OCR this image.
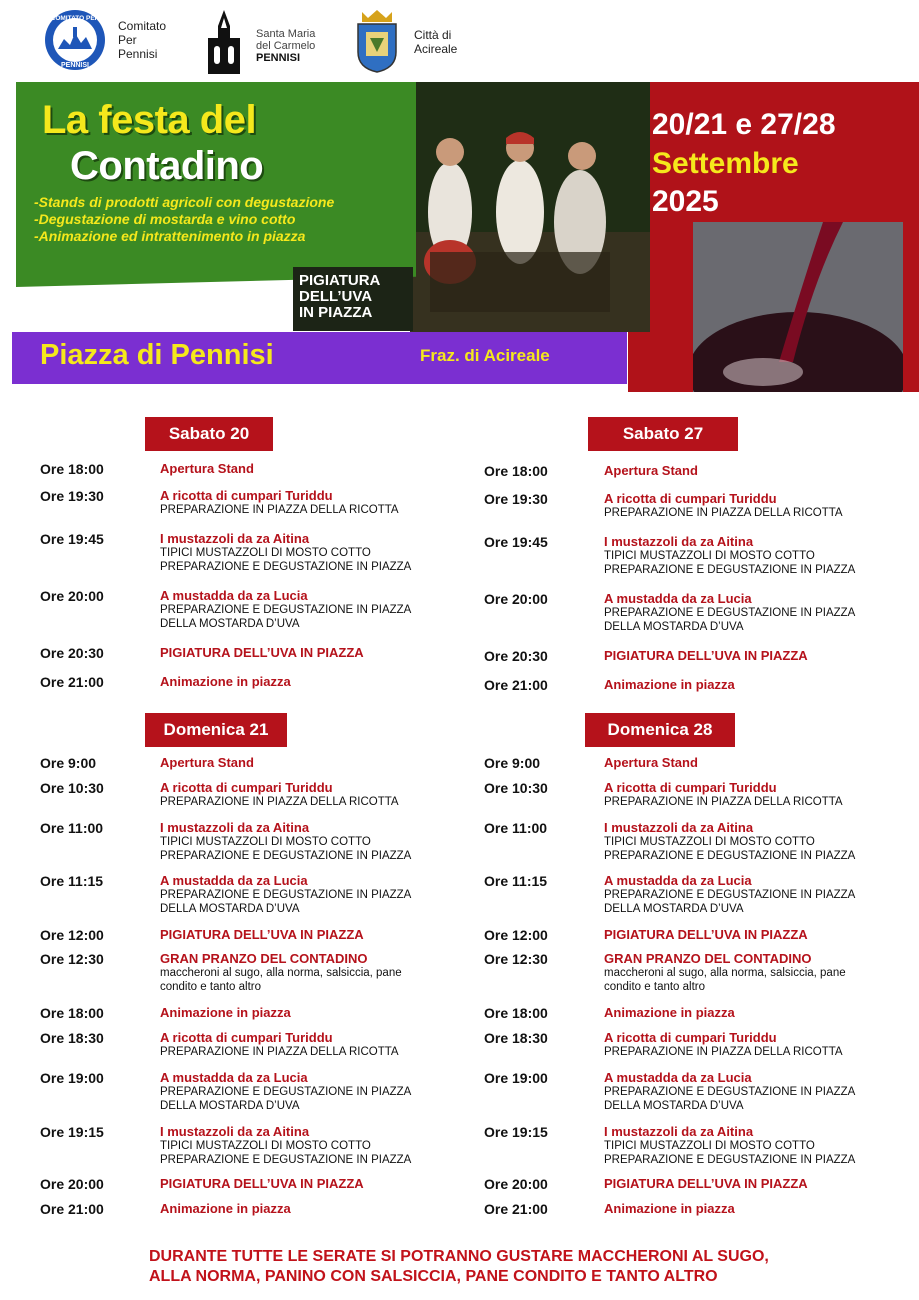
COMITATO PER
PENNISI
Comitato
Per
Pennisi
Santa Maria
del Carmelo
PENNISI
Città di
Acireale
20/21 e 27/28
Settembre
2025
La festa del
Contadino
-Stands di prodotti agricoli con degustazione
-Degustazione di mostarda e vino cotto
-Animazione ed intrattenimento in piazza
PIGIATURA
DELL’UVA
IN PIAZZA
Piazza di Pennisi	Fraz. di Acireale
Sabato 20	Sabato 27
Domenica 21	Domenica 28
Ore 18:00	Apertura Stand
Ore 19:30	A ricotta di cumpari Turiddu
PREPARAZIONE IN PIAZZA DELLA RICOTTA
Ore 19:45	I mustazzoli da za Aitina
TIPICI MUSTAZZOLI DI MOSTO COTTO
PREPARAZIONE E DEGUSTAZIONE IN PIAZZA
Ore 20:00	A mustadda da za Lucia
PREPARAZIONE E DEGUSTAZIONE IN PIAZZA
DELLA MOSTARDA D’UVA
Ore 20:30	PIGIATURA DELL’UVA IN PIAZZA
Ore 21:00	Animazione in piazza
Ore 18:00	Apertura Stand
Ore 19:30	A ricotta di cumpari Turiddu
PREPARAZIONE IN PIAZZA DELLA RICOTTA
Ore 19:45	I mustazzoli da za Aitina
TIPICI MUSTAZZOLI DI MOSTO COTTO
PREPARAZIONE E DEGUSTAZIONE IN PIAZZA
Ore 20:00	A mustadda da za Lucia
PREPARAZIONE E DEGUSTAZIONE IN PIAZZA
DELLA MOSTARDA D’UVA
Ore 20:30	PIGIATURA DELL’UVA IN PIAZZA
Ore 21:00	Animazione in piazza
Ore 9:00	Apertura Stand
Ore 10:30	A ricotta di cumpari Turiddu
PREPARAZIONE IN PIAZZA DELLA RICOTTA
Ore 11:00	I mustazzoli da za Aitina
TIPICI MUSTAZZOLI DI MOSTO COTTO
PREPARAZIONE E DEGUSTAZIONE IN PIAZZA
Ore 11:15	A mustadda da za Lucia
PREPARAZIONE E DEGUSTAZIONE IN PIAZZA
DELLA MOSTARDA D’UVA
Ore 12:00	PIGIATURA DELL’UVA IN PIAZZA
Ore 12:30	GRAN PRANZO DEL CONTADINO
maccheroni al sugo, alla norma, salsiccia, pane
condito e tanto altro
Ore 18:00	Animazione in piazza
Ore 18:30	A ricotta di cumpari Turiddu
PREPARAZIONE IN PIAZZA DELLA RICOTTA
Ore 19:00	A mustadda da za Lucia
PREPARAZIONE E DEGUSTAZIONE IN PIAZZA
DELLA MOSTARDA D’UVA
Ore 19:15	I mustazzoli da za Aitina
TIPICI MUSTAZZOLI DI MOSTO COTTO
PREPARAZIONE E DEGUSTAZIONE IN PIAZZA
Ore 20:00	PIGIATURA DELL’UVA IN PIAZZA
Ore 21:00	Animazione in piazza
Ore 9:00	Apertura Stand
Ore 10:30	A ricotta di cumpari Turiddu
PREPARAZIONE IN PIAZZA DELLA RICOTTA
Ore 11:00	I mustazzoli da za Aitina
TIPICI MUSTAZZOLI DI MOSTO COTTO
PREPARAZIONE E DEGUSTAZIONE IN PIAZZA
Ore 11:15	A mustadda da za Lucia
PREPARAZIONE E DEGUSTAZIONE IN PIAZZA
DELLA MOSTARDA D’UVA
Ore 12:00	PIGIATURA DELL’UVA IN PIAZZA
Ore 12:30	GRAN PRANZO DEL CONTADINO
maccheroni al sugo, alla norma, salsiccia, pane
condito e tanto altro
Ore 18:00	Animazione in piazza
Ore 18:30	A ricotta di cumpari Turiddu
PREPARAZIONE IN PIAZZA DELLA RICOTTA
Ore 19:00	A mustadda da za Lucia
PREPARAZIONE E DEGUSTAZIONE IN PIAZZA
DELLA MOSTARDA D’UVA
Ore 19:15	I mustazzoli da za Aitina
TIPICI MUSTAZZOLI DI MOSTO COTTO
PREPARAZIONE E DEGUSTAZIONE IN PIAZZA
Ore 20:00	PIGIATURA DELL’UVA IN PIAZZA
Ore 21:00	Animazione in piazza
DURANTE TUTTE LE SERATE SI POTRANNO GUSTARE MACCHERONI AL SUGO,
ALLA NORMA, PANINO CON SALSICCIA, PANE CONDITO E TANTO ALTRO
